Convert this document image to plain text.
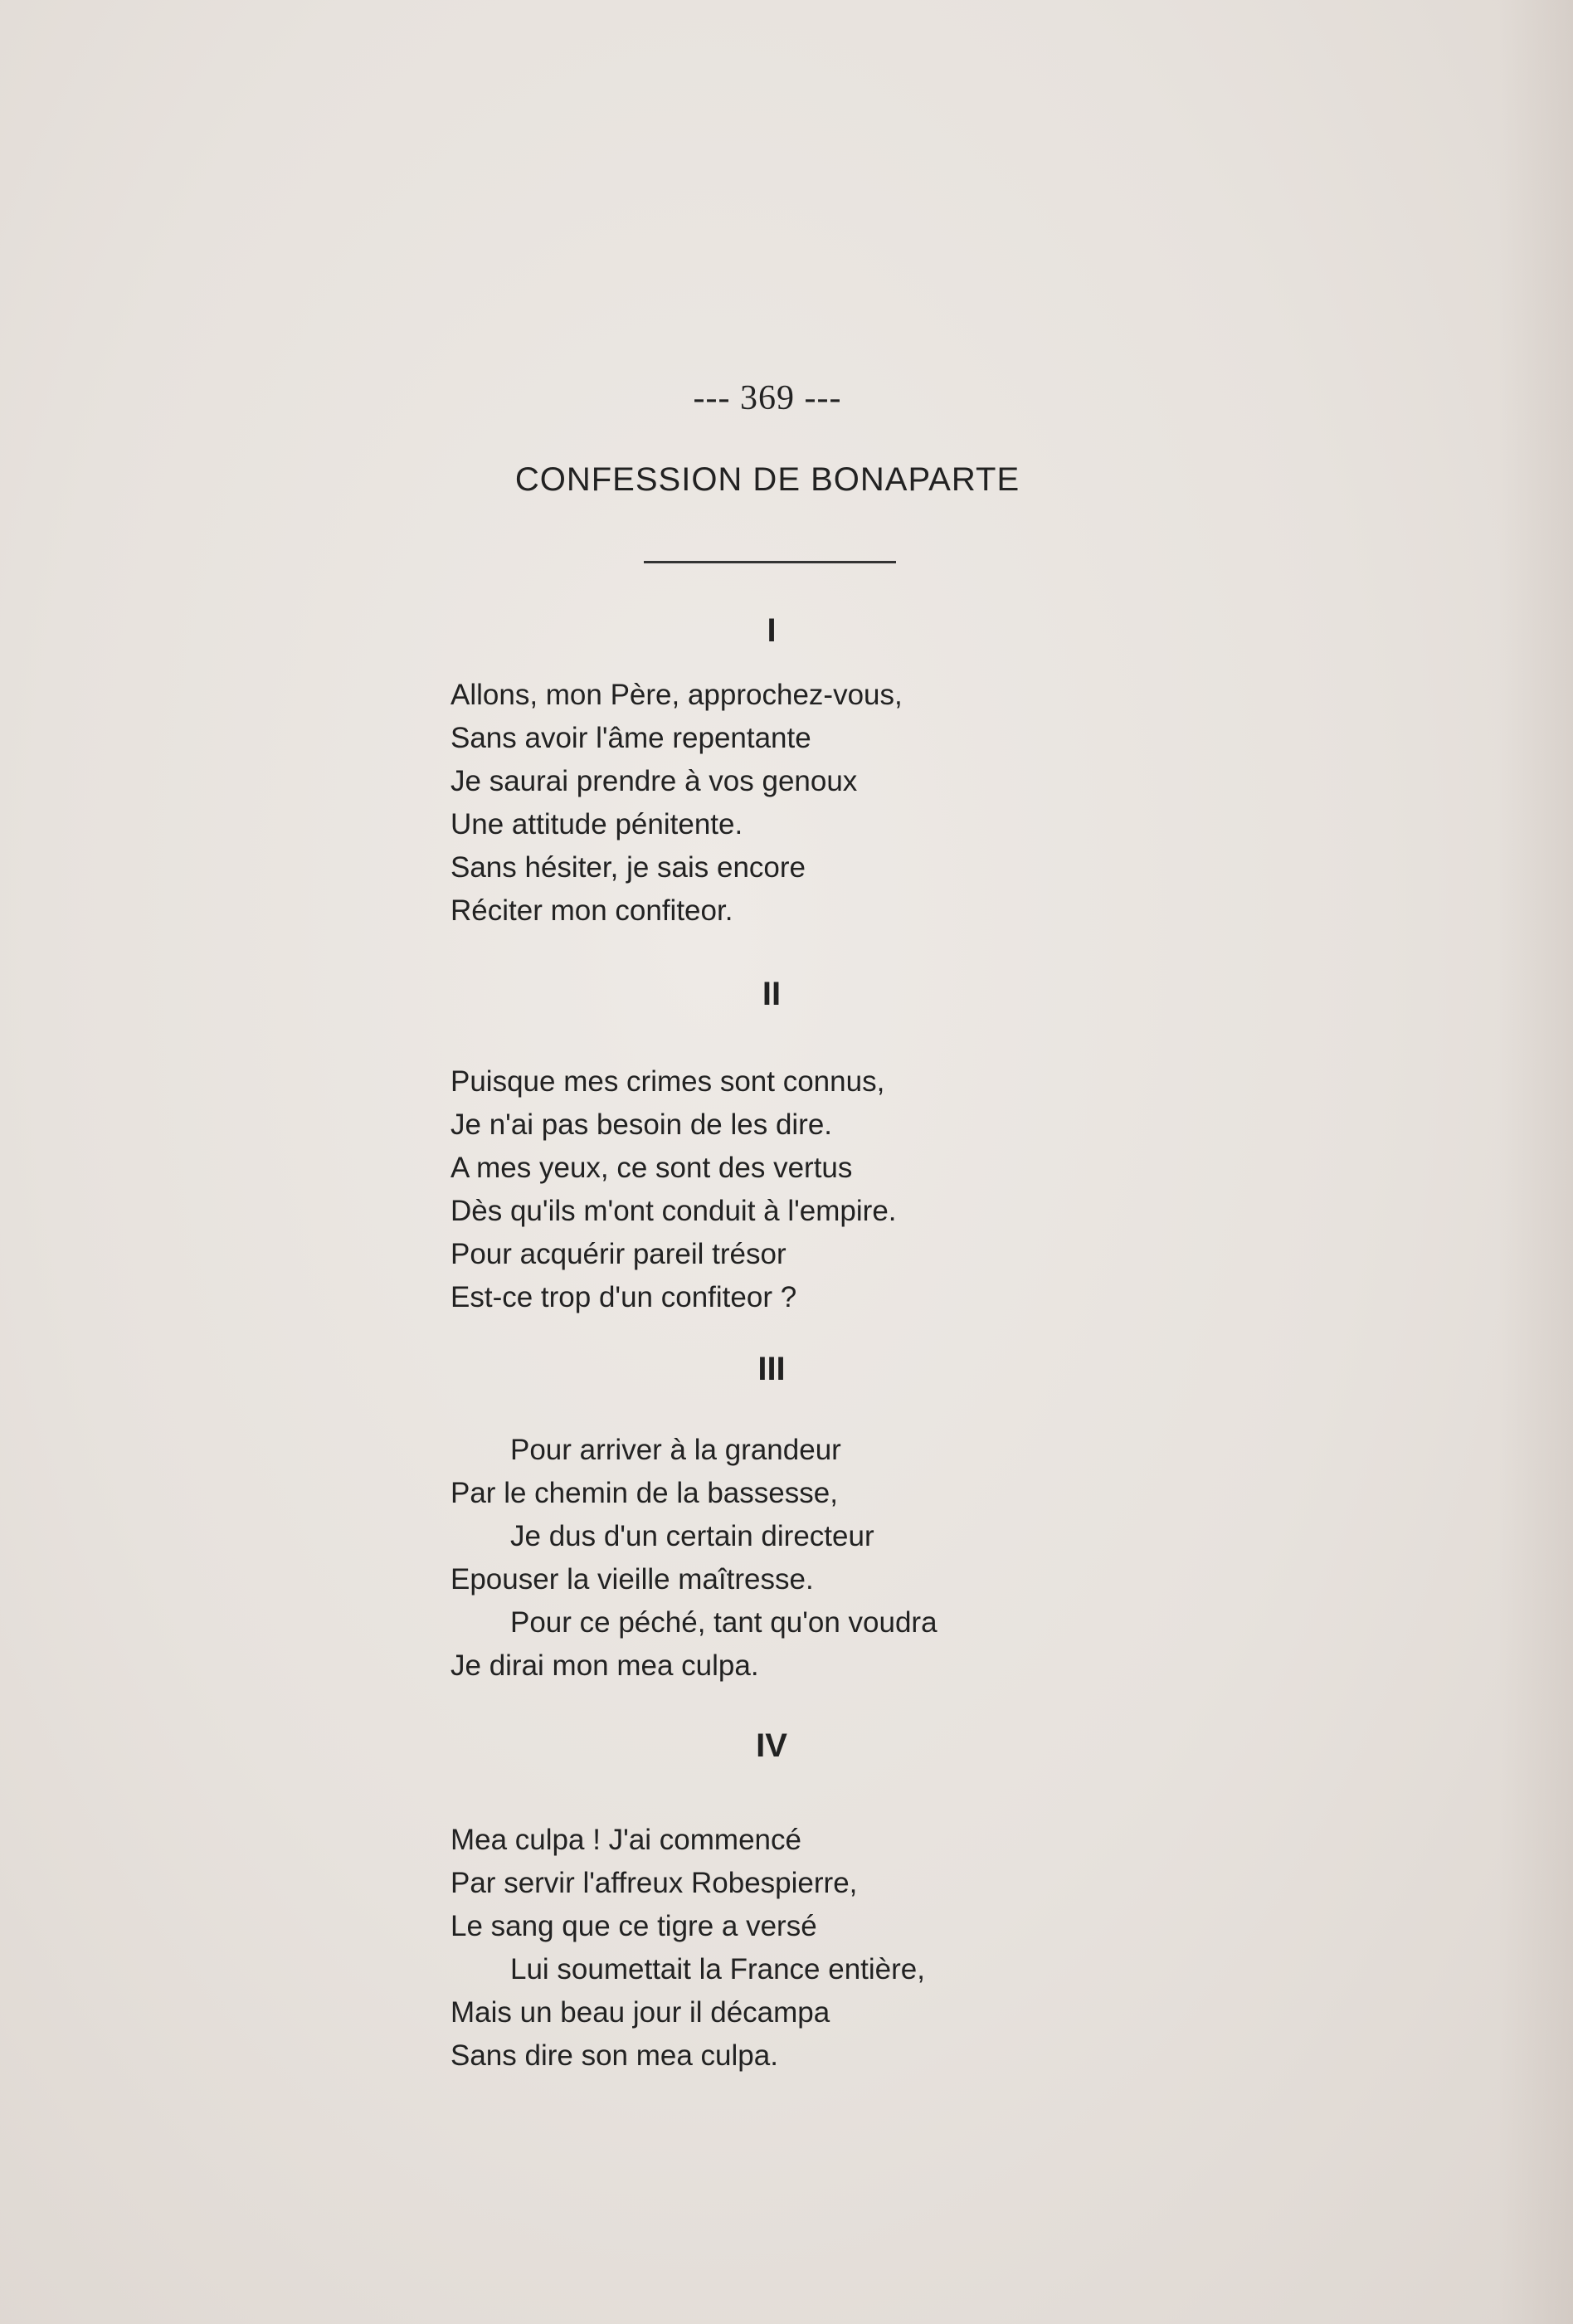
--- 369 ---
CONFESSION DE BONAPARTE
I
Allons, mon Père, approchez-vous,
Sans avoir l'âme repentante
Je saurai prendre à vos genoux
Une attitude pénitente.
Sans hésiter, je sais encore
Réciter mon confiteor.
II
Puisque mes crimes sont connus,
Je n'ai pas besoin de les dire.
A mes yeux, ce sont des vertus
Dès qu'ils m'ont conduit à l'empire.
Pour acquérir pareil trésor
Est-ce trop d'un confiteor ?
III
Pour arriver à la grandeur
Par le chemin de la bassesse,
Je dus d'un certain directeur
Epouser la vieille maîtresse.
Pour ce péché, tant qu'on voudra
Je dirai mon mea culpa.
IV
Mea culpa ! J'ai commencé
Par servir l'affreux Robespierre,
Le sang que ce tigre a versé
Lui soumettait la France entière,
Mais un beau jour il décampa
Sans dire son mea culpa.
